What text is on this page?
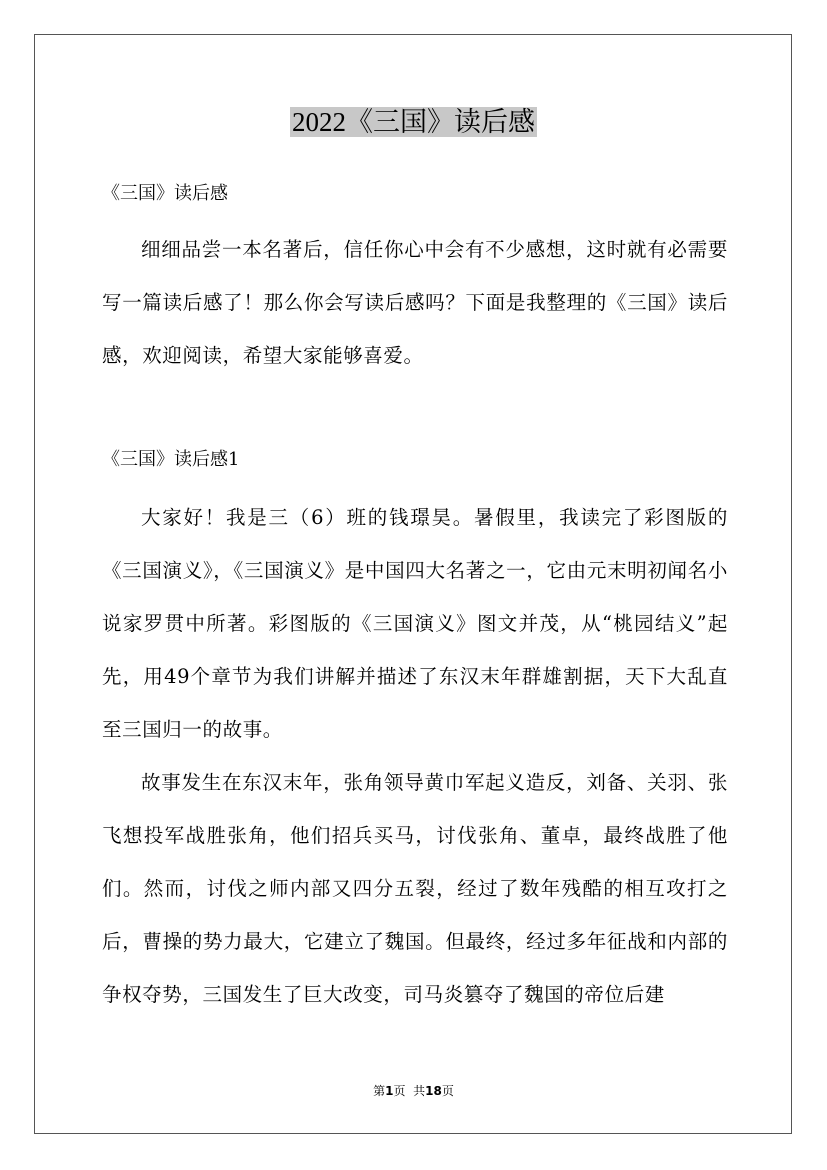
2022《三国》读后感

《三国》读后感

细细品尝一本名著后，信任你心中会有不少感想，这时就有必需要写一篇读后感了！那么你会写读后感吗？下面是我整理的《三国》读后感，欢迎阅读，希望大家能够喜爱。

《三国》读后感1

大家好！我是三（6）班的钱璟昊。暑假里，我读完了彩图版的《三国演义》，《三国演义》是中国四大名著之一，它由元末明初闻名小说家罗贯中所著。彩图版的《三国演义》图文并茂，从“桃园结义”起先，用49个章节为我们讲解并描述了东汉末年群雄割据，天下大乱直至三国归一的故事。

故事发生在东汉末年，张角领导黄巾军起义造反，刘备、关羽、张飞想投军战胜张角，他们招兵买马，讨伐张角、董卓，最终战胜了他们。然而，讨伐之师内部又四分五裂，经过了数年残酷的相互攻打之后，曹操的势力最大，它建立了魏国。但最终，经过多年征战和内部的争权夺势，三国发生了巨大改变，司马炎篡夺了魏国的帝位后建

第1页 共18页
